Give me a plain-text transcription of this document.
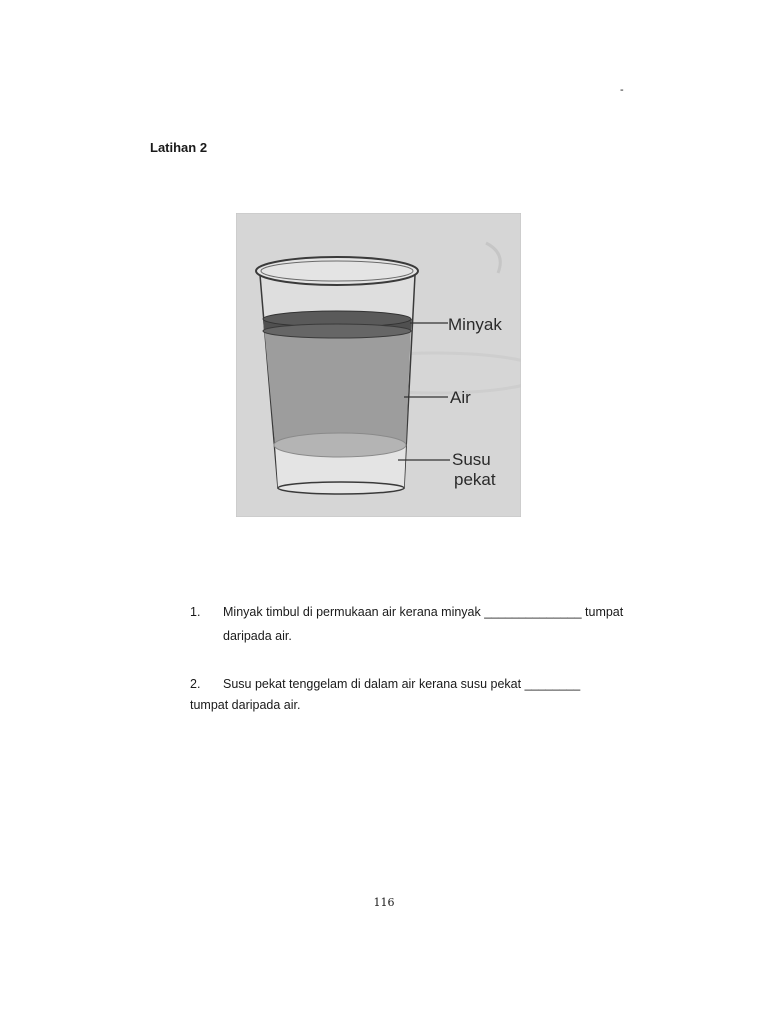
-
Latihan 2
Minyak
Air
Susu
pekat
1. Minyak timbul di permukaan air kerana minyak ______________ tumpat
daripada air.
2. Susu pekat tenggelam di dalam air kerana susu pekat ________
tumpat daripada air.
116
